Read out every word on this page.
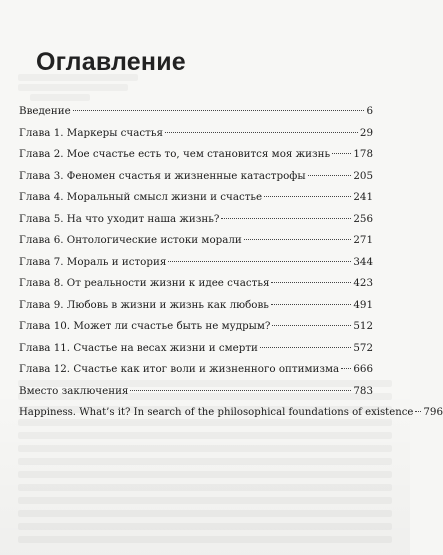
Оглавление
Введение	6
Глава 1. Маркеры счастья	29
Глава 2. Мое счастье есть то, чем становится моя жизнь 178
Глава 3. Феномен счастья и жизненные катастрофы	205
Глава 4. Моральный смысл жизни и счастье	241
Глава 5. На что уходит наша жизнь?	256
Глава 6. Онтологические истоки морали	271
Глава 7. Мораль и история	344
Глава 8. От реальности жизни к идее счастья	423
Глава 9. Любовь в жизни и жизнь как любовь	491
Глава 10. Может ли счастье быть не мудрым?	512
Глава 11. Счастье на весах жизни и смерти	572
Глава 12. Счастье как итог воли и жизненного оптимизма 666
Вместо заключения	783
Happiness. What’s it? In search of the philosophical foundations of existence 796
